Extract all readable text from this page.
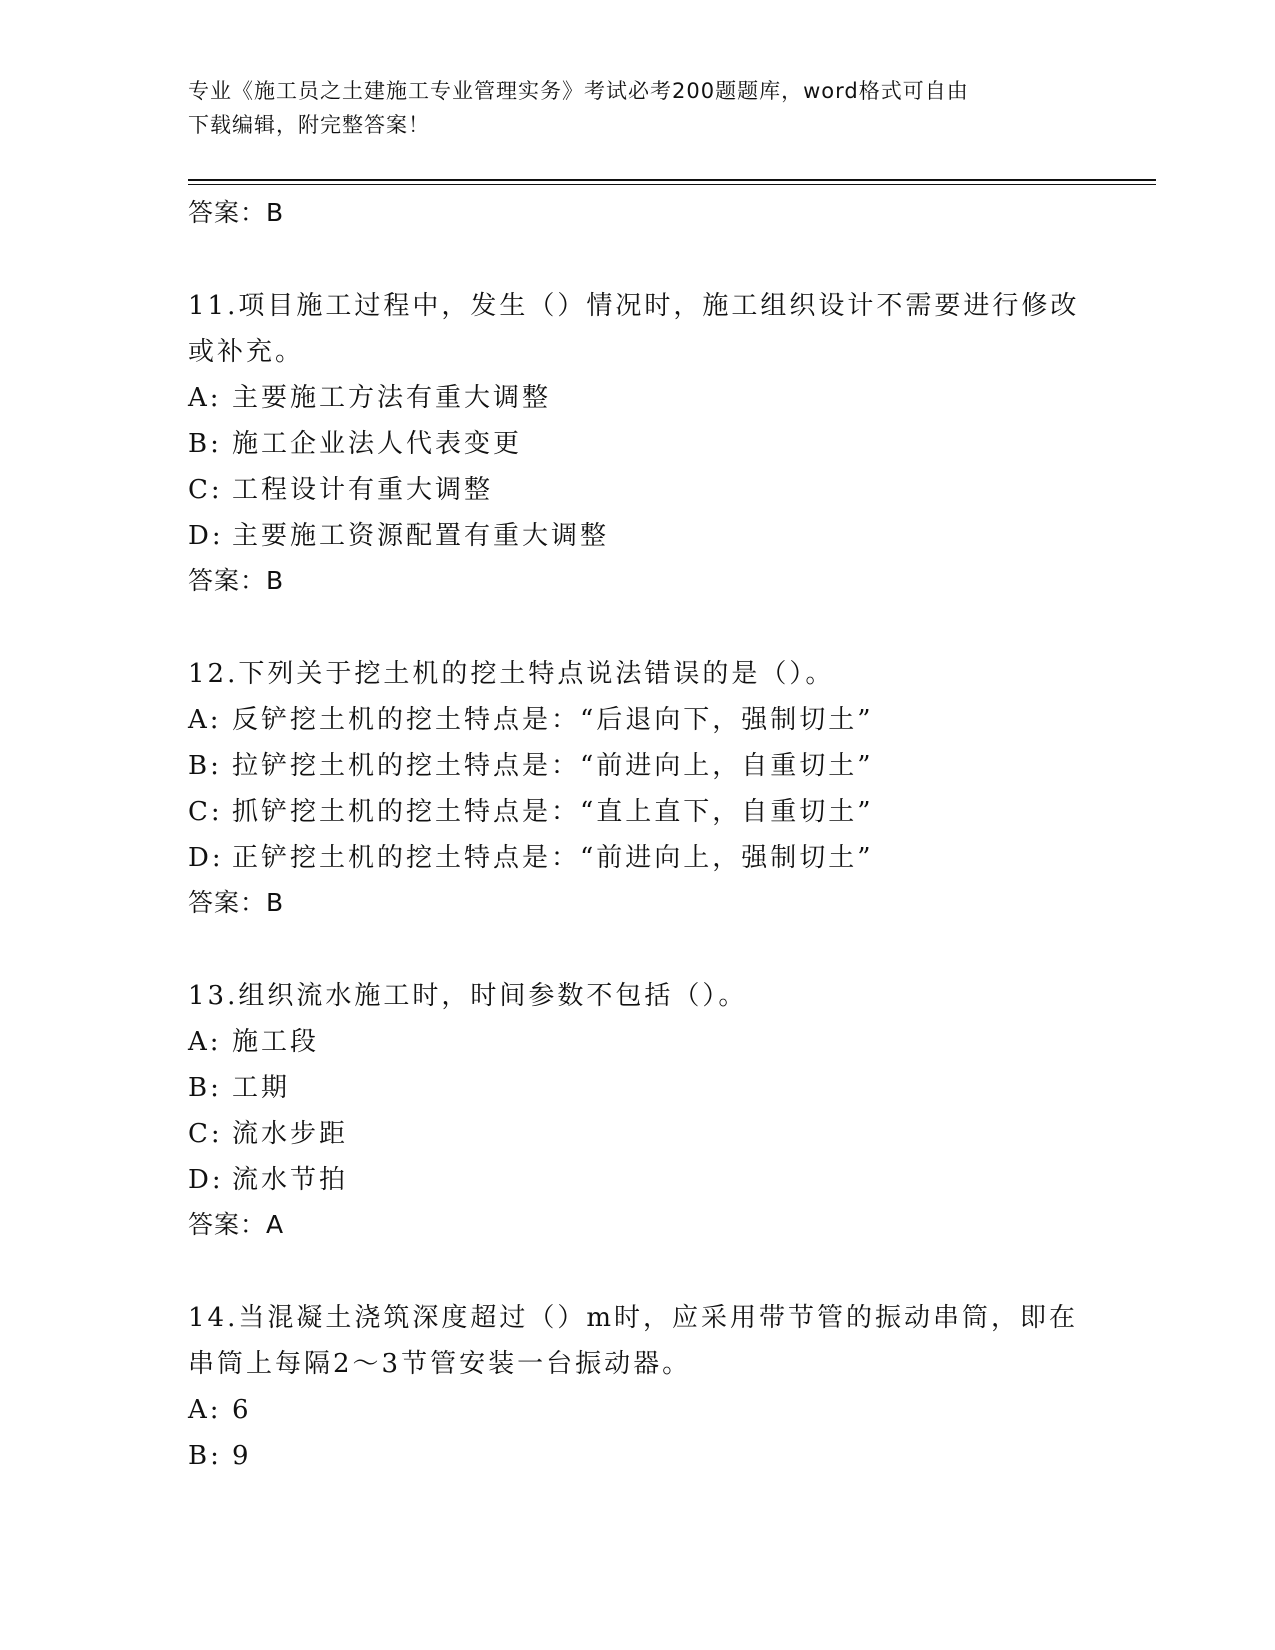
专业《施工员之土建施工专业管理实务》考试必考200题题库，word格式可自由
下载编辑，附完整答案！
答案：B
11.项目施工过程中，发生（）情况时，施工组织设计不需要进行修改
或补充。
A: 主要施工方法有重大调整
B: 施工企业法人代表变更
C: 工程设计有重大调整
D: 主要施工资源配置有重大调整
答案：B
12.下列关于挖土机的挖土特点说法错误的是（）。
A: 反铲挖土机的挖土特点是：“后退向下，强制切土”
B: 拉铲挖土机的挖土特点是：“前进向上，自重切土”
C: 抓铲挖土机的挖土特点是：“直上直下，自重切土”
D: 正铲挖土机的挖土特点是：“前进向上，强制切土”
答案：B
13.组织流水施工时，时间参数不包括（）。
A: 施工段
B: 工期
C: 流水步距
D: 流水节拍
答案：A
14.当混凝土浇筑深度超过（）m时，应采用带节管的振动串筒，即在
串筒上每隔2～3节管安装一台振动器。
A: 6
B: 9
